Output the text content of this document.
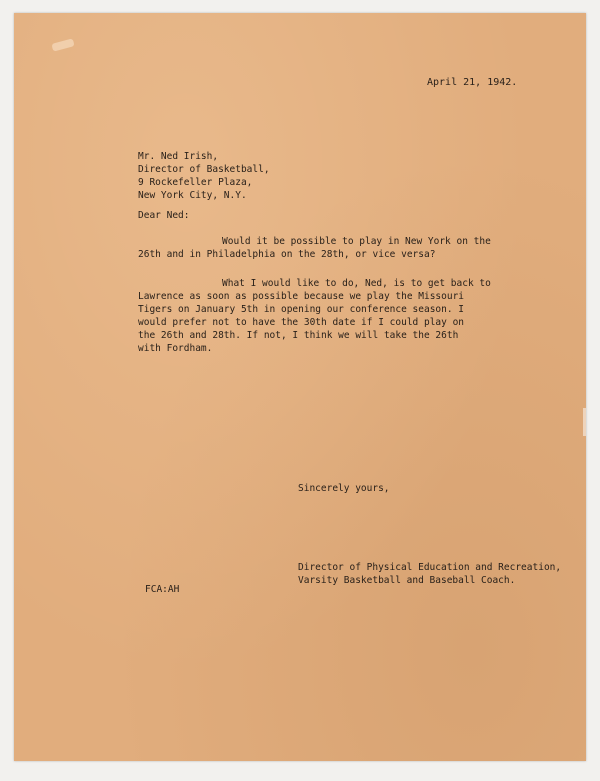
April 21, 1942.
Mr. Ned Irish,
Director of Basketball,
9 Rockefeller Plaza,
New York City, N.Y.
Dear Ned:
Would it be possible to play in New York on the
26th and in Philadelphia on the 28th, or vice versa?
What I would like to do, Ned, is to get back to
Lawrence as soon as possible because we play the Missouri
Tigers on January 5th in opening our conference season. I
would prefer not to have the 30th date if I could play on
the 26th and 28th. If not, I think we will take the 26th
with Fordham.
Sincerely yours,
Director of Physical Education and Recreation,
Varsity Basketball and Baseball Coach.
FCA:AH
